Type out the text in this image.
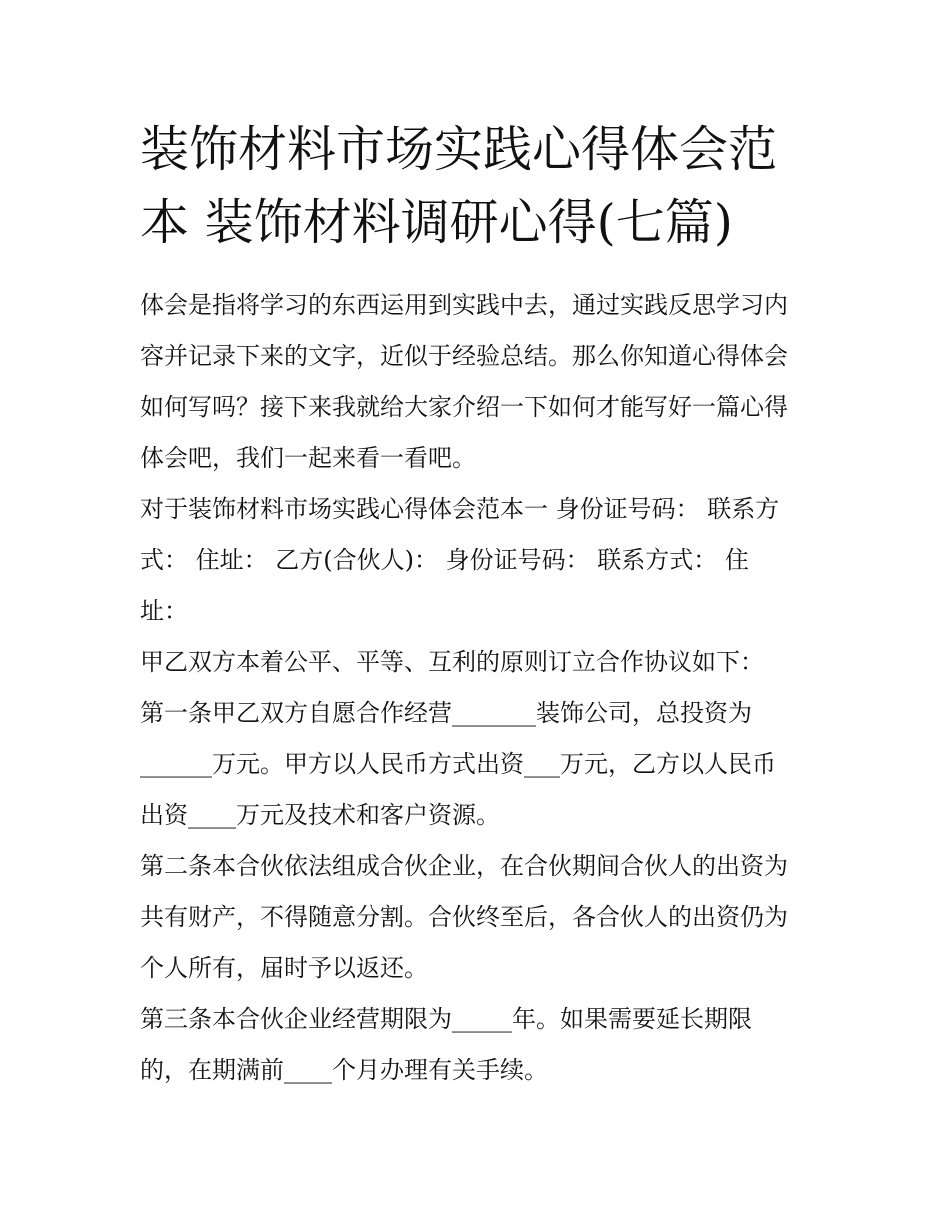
装饰材料市场实践心得体会范
本 装饰材料调研心得(七篇)

体会是指将学习的东西运用到实践中去，通过实践反思学习内
容并记录下来的文字，近似于经验总结。那么你知道心得体会
如何写吗？接下来我就给大家介绍一下如何才能写好一篇心得
体会吧，我们一起来看一看吧。

对于装饰材料市场实践心得体会范本一 身份证号码： 联系方
式： 住址： 乙方(合伙人)： 身份证号码： 联系方式： 住
址：

甲乙双方本着公平、平等、互利的原则订立合作协议如下：

第一条甲乙双方自愿合作经营_______装饰公司，总投资为
______万元。甲方以人民币方式出资___万元，乙方以人民币
出资____万元及技术和客户资源。

第二条本合伙依法组成合伙企业，在合伙期间合伙人的出资为
共有财产，不得随意分割。合伙终至后，各合伙人的出资仍为
个人所有，届时予以返还。

第三条本合伙企业经营期限为_____年。如果需要延长期限
的，在期满前____个月办理有关手续。
